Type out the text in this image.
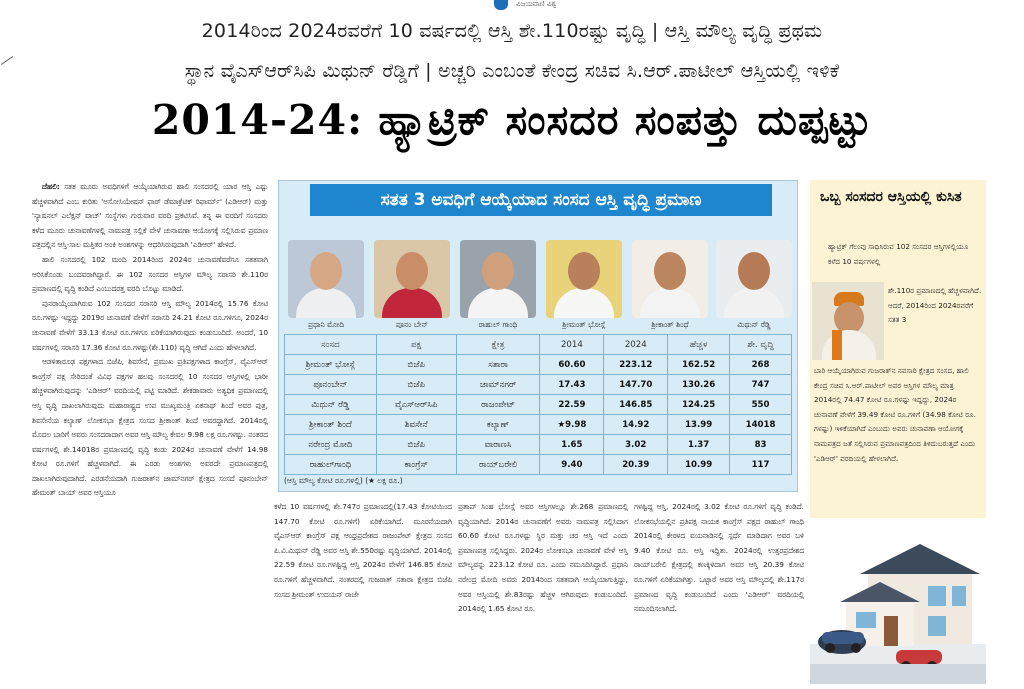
ವಿಜಯವಾಣಿ ವಿಶ್ವ
2014ರಿಂದ 2024ರವರೆಗೆ 10 ವರ್ಷದಲ್ಲಿ ಆಸ್ತಿ ಶೇ.110ರಷ್ಟು ವೃದ್ಧಿ | ಆಸ್ತಿ ಮೌಲ್ಯ ವೃದ್ಧಿ ಪ್ರಥಮ
ಸ್ಥಾನ ವೈಎಸ್‌ಆರ್‌ಸಿಪಿ ಮಿಥುನ್ ರೆಡ್ಡಿಗೆ | ಅಚ್ಚರಿ ಎಂಬಂತೆ ಕೇಂದ್ರ ಸಚಿವ ಸಿ.ಆರ್.ಪಾಟೀಲ್ ಆಸ್ತಿಯಲ್ಲಿ ಇಳಿಕೆ
2014-24: ಹ್ಯಾಟ್ರಿಕ್ ಸಂಸದರ ಸಂಪತ್ತು ದುಪ್ಪಟ್ಟು

ದೆಹಲಿ: ಸತತ ಮೂರು ಅವಧಿಗಳಿಗೆ ಆಯ್ಕೆಯಾಗಿರುವ ಹಾಲಿ ಸಂಸದರಲ್ಲಿ ಯಾರ ಆಸ್ತಿ ಎಷ್ಟು ಹೆಚ್ಚಳವಾಗಿದೆ ಎಂಬ ಕುರಿತು 'ಅಸೋಸಿಯೇಷನ್ ಫಾರ್ ಡೆಮಾಕ್ರೆಟಿಕ್ ರಿಫಾರ್ಮ್' (ಎಡಿಆರ್) ಮತ್ತು 'ನ್ಯಾಷನಲ್ ಎಲೆಕ್ಷನ್ ವಾಚ್' ಸಂಸ್ಥೆಗಳು ಗುರುವಾರ ವರದಿ ಪ್ರಕಟಿಸಿವೆ. ತನ್ನ ಈ ವರದಿಗೆ ಸಂಸದರು ಕಳೆದ ಮೂರು ಚುನಾವಣೆಗಳಲ್ಲಿ ನಾಮಪತ್ರ ಸಲ್ಲಿಕೆ ವೇಳೆ ಚುನಾವಣಾ ಆಯೋಗಕ್ಕೆ ಸಲ್ಲಿಸಿರುವ ಪ್ರಮಾಣ ಪತ್ರದಲ್ಲಿನ ಆಸ್ತಿ-ಸಾಲ ಮತ್ತಿತರ ಅಂಕಿ ಅಂಶಗಳನ್ನು ಆಧರಿಸಿರುವುದಾಗಿ 'ಎಡಿಆರ್' ಹೇಳಿದೆ.

ಹಾಲಿ ಸಂಸದರಲ್ಲಿ 102 ಮಂದಿ 2014ರಿಂದ 2024ರ ಚುನಾವಣೆವರೆಗೂ ಸತತವಾಗಿ ಆರಿಸಿಕೊಂಡು ಬಂದವರಾಗಿದ್ದಾರೆ. ಈ 102 ಸಂಸದರ ಆಸ್ತಿಗಳ ಮೌಲ್ಯ ಸರಾಸರಿ ಶೇ.110ರ ಪ್ರಮಾಣದಲ್ಲಿ ವೃದ್ಧಿ ಕಂಡಿದೆ ಎಂಬುದರತ್ತ ವರದಿ ಬೊಟ್ಟು ಮಾಡಿದೆ.

ಪುನರಾಯ್ಕೆಯಾಗಿರುವ 102 ಸಂಸದರ ಸರಾಸರಿ ಆಸ್ತಿ ಮೌಲ್ಯ 2014ರಲ್ಲಿ 15.76 ಕೋಟಿ ರೂ.ಗಳಷ್ಟು ಇದ್ದದ್ದು 2019ರ ಚುನಾವಣೆ ವೇಳೆಗೆ ಸರಾಸರಿ 24.21 ಕೋಟಿ ರೂ.ಗಳಿಗೂ, 2024ರ ಚುನಾವಣೆ ವೇಳೆಗೆ 33.13 ಕೋಟಿ ರೂ.ಗಳಿಗೂ ಏರಿಕೆಯಾಗಿರುವುದು ಕಂಡುಬಂದಿದೆ. ಅಂದರೆ, 10 ವರ್ಷಗಳಲ್ಲಿ ಸರಾಸರಿ 17.36 ಕೋಟಿ ರೂ.ಗಳಷ್ಟು(ಶೇ.110) ವೃದ್ಧಿ ಆಗಿದೆ ಎಂದು ಹೇಳಲಾಗಿದೆ.

ಆಡಳಿತಾರೂಢ ಪಕ್ಷಗಳಾದ ಬಿಜೆಪಿ, ಶಿವಸೇನೆ, ಪ್ರಮುಖ ಪ್ರತಿಪಕ್ಷಗಳಾದ ಕಾಂಗ್ರೆಸ್, ವೈಎಸ್‌ಆರ್ ಕಾಂಗ್ರೆಸ್ ಪಕ್ಷ ಸೇರಿದಂತೆ ವಿವಿಧ ಪಕ್ಷಗಳ ಹಲವು ಸಂಸದರಲ್ಲಿ 10 ಸಂಸದರ ಆಸ್ತಿಗಳಲ್ಲಿ ಭಾರೀ ಹೆಚ್ಚಳವಾಗಿರುವುದನ್ನು 'ಎಡಿಆರ್' ವರದಿಯಲ್ಲಿ ಪಟ್ಟಿ ಮಾಡಿದೆ. ಶೇಕಡಾವಾರು ಅತ್ಯಧಿಕ ಪ್ರಮಾಣದಲ್ಲಿ ಆಸ್ತಿ ವೃದ್ಧಿ ದಾಖಲಾಗಿರುವುದು ಮಹಾರಾಷ್ಟ್ರದ ಉಪ ಮುಖ್ಯಮಂತ್ರಿ ಏಕನಾಥ್ ಶಿಂದೆ ಅವರ ಪುತ್ರ, ಶಿವಸೇನೆಯ ಕಲ್ಯಾಣ್ ಲೋಕಸಭಾ ಕ್ಷೇತ್ರದ ಸಂಸದ ಶ್ರೀಕಾಂತ್ ಶಿಂದೆ ಅವರದ್ದಾಗಿದೆ. 2014ರಲ್ಲಿ ಮೊದಲ ಬಾರಿಗೆ ಅವರು ಸಂಸದರಾದಾಗ ಅವರ ಆಸ್ತಿ ಮೌಲ್ಯ ಕೇವಲ 9.98 ಲಕ್ಷ ರೂ.ಗಳಷ್ಟು. ನಂತರದ ವರ್ಷಗಳಲ್ಲಿ ಶೇ.14018ರ ಪ್ರಮಾಣದಲ್ಲಿ ವೃದ್ಧಿ ಕಂಡು 2024ರ ಚುನಾವಣೆ ವೇಳೆಗೆ 14.98 ಕೋಟಿ ರೂ.ಗಳಿಗೆ ಹೆಚ್ಚಳವಾಗಿದೆ. ಈ ಎರಡು ಅಂಶಗಳು ಅವರದೇ ಪ್ರಮಾಣಪತ್ರದಲ್ಲಿ ದಾಖಲಾಗಿರುವುದಾಗಿದೆ. ಎರಡನೆಯದಾಗಿ ಗುಜರಾತ್‌ನ ಜಾಮ್‌ನಗರ್ ಕ್ಷೇತ್ರದ ಸಂಸದೆ ಪೂನಂಬೇನ್ ಹೇಮಂತ್ ಬಾಯ್ ಅವರ ಆಸ್ತಿಯೂ

ಸತತ 3 ಅವಧಿಗೆ ಆಯ್ಕೆಯಾದ ಸಂಸದ ಆಸ್ತಿ ವೃದ್ಧಿ ಪ್ರಮಾಣ
ಪ್ರಧಾನಿ ಮೋದಿ	ಪೂನಂ ಬೇನ್	ರಾಹುಲ್ ಗಾಂಧಿ	ಶ್ರೀಮಂತ್ ಭೋಸ್ಲೆ	ಶ್ರೀಕಾಂತ್ ಶಿಂಧೆ	ಮಿಥುನ್ ರೆಡ್ಡಿ
ಸಂಸದ	ಪಕ್ಷ	ಕ್ಷೇತ್ರ	2014	2024	ಹೆಚ್ಚಳ	ಶೇ. ವೃದ್ಧಿ
ಶ್ರೀಮಂತ್ ಭೋಸ್ಲೆ	ಬಿಜೆಪಿ	ಸತಾರಾ	60.60	223.12	162.52	268
ಪೂನಂಬೇನ್	ಬಿಜೆಪಿ	ಜಾಮ್‌ನಗರ್	17.43	147.70	130.26	747
ಮಿಥುನ್ ರೆಡ್ಡಿ	ವೈಎಸ್‌ಆರ್‌ಸಿಪಿ	ರಾಜಂಪೇಟ್	22.59	146.85	124.25	550
ಶ್ರೀಕಾಂತ್ ಶಿಂದೆ	ಶಿವಸೇನೆ	ಕಲ್ಯಾಣ್	★9.98	14.92	13.99	14018
ನರೇಂದ್ರ ಮೋದಿ	ಬಿಜೆಪಿ	ವಾರಾಣಸಿ	1.65	3.02	1.37	83
ರಾಹುಲ್‌ಗಾಂಧಿ	ಕಾಂಗ್ರೆಸ್	ರಾಯ್‌ಬರೇಲಿ	9.40	20.39	10.99	117
(ಆಸ್ತಿ ಮೌಲ್ಯ ಕೋಟಿ ರೂ.ಗಳಲ್ಲಿ) (★ ಲಕ್ಷ ರೂ.)
ಕಳೆದ 10 ವರ್ಷಗಳಲ್ಲಿ ಶೇ.747ರ ಪ್ರಮಾಣದಲ್ಲಿ(17.43 ಕೋಟಿಯಿಂದ 147.70 ಕೋಟಿ ರೂ.ಗಳಿಗೆ) ಏರಿಕೆಯಾಗಿದೆ. ಮೂರನೆಯದಾಗಿ ವೈಎಸ್‌ಆರ್ ಕಾಂಗ್ರೆಸ್ ಪಕ್ಷ ಆಂಧ್ರಪ್ರದೇಶದ ರಾಜಂಪೇಟ್ ಕ್ಷೇತ್ರದ ಸಂಸದ ಪಿ.ವಿ.ಮಿಥುನ್ ರೆಡ್ಡಿ ಅವರ ಆಸ್ತಿ ಶೇ.550ರಷ್ಟು ವೃದ್ಧಿಯಾಗಿದೆ. 2014ರಲ್ಲಿ 22.59 ಕೋಟಿ ರೂ.ಗಳಷ್ಟಿದ್ದ ಆಸ್ತಿ 2024ರ ವೇಳೆಗೆ 146.85 ಕೋಟಿ ರೂ.ಗಳಿಗೆ ಹೆಚ್ಚಳವಾಗಿದೆ. ನಂತರದಲ್ಲಿ ಗುಜರಾತ್ ಸತಾರಾ ಕ್ಷೇತ್ರದ ಬಿಜೆಪಿ ಸಂಸದ ಶ್ರೀಮಂತ್ ಉದಯನ್‌ ರಾಜೇ
ಪ್ರತಾಪ್ ಸಿಂಹ ಭೋಸ್ಲೆ ಅವರ ಆಸ್ತಿಗಳಲ್ಲೂ ಶೇ.268 ಪ್ರಮಾಣದಲ್ಲಿ ವೃದ್ಧಿಯಾಗಿದೆ. 2014ರ ಚುನಾವಣೆಗೆ ಅವರು ನಾಮಪತ್ರ ಸಲ್ಲಿಸಿದಾಗ 60.60 ಕೋಟಿ ರೂ.ಗಳಷ್ಟು ಸ್ಥಿರ ಮತ್ತು ಚರ ಆಸ್ತಿ ಇದೆ ಎಂದು ಪ್ರಮಾಣಪತ್ರ ಸಲ್ಲಿಸಿದ್ದರು. 2024ರ ಲೋಕಸಭಾ ಚುನಾವಣೆ ವೇಳೆ ಆಸ್ತಿ ಮೌಲ್ಯವನ್ನು 223.12 ಕೋಟಿ ರೂ. ಎಂದು ನಮೂದಿಸಿದ್ದಾರೆ. ಪ್ರಧಾನಿ ನರೇಂದ್ರ ಮೋದಿ ಅವರು 2014ರಿಂದ ಸತತವಾಗಿ ಆಯ್ಕೆಯಾಗುತ್ತಿದ್ದು, ಅವರ ಆಸ್ತಿಯಲ್ಲಿ ಶೇ.83ರಷ್ಟು ಹೆಚ್ಚಳ ಆಗಿರುವುದು ಕಂಡುಬಂದಿದೆ. 2014ರಲ್ಲಿ 1.65 ಕೋಟಿ ರೂ.
ಗಳಷ್ಟಿದ್ದ ಆಸ್ತಿ, 2024ರಲ್ಲಿ 3.02 ಕೋಟಿ ರೂ.ಗಳಿಗೆ ವೃದ್ಧಿ ಕಂಡಿದೆ. ಲೋಕಸಭೆಯಲ್ಲಿನ ಪ್ರತಿಪಕ್ಷ ನಾಯಕ ಕಾಂಗ್ರೆಸ್ ಪಕ್ಷದ ರಾಹುಲ್ ಗಾಂಧಿ 2014ರಲ್ಲಿ ಕೇರಳದ ವಯನಾಡಿನಲ್ಲಿ ಸ್ಪರ್ಧೆ ಮಾಡಿದಾಗ ಅವರ ಬಳಿ 9.40 ಕೋಟಿ ರೂ. ಆಸ್ತಿ ಇದ್ದಿತು. 2024ರಲ್ಲಿ ಉತ್ತರಪ್ರದೇಶದ ರಾಯ್‌ಬರೇಲಿ ಕ್ಷೇತ್ರದಲ್ಲಿ ಕಣಕ್ಕಿಳಿದಾಗ ಅವರ ಆಸ್ತಿ 20.39 ಕೋಟಿ ರೂ.ಗಳಿಗೆ ಏರಿಕೆಯಾಗಿತ್ತು. ಒಟ್ಟಾರೆ ಅವರ ಆಸ್ತಿ ಮೌಲ್ಯದಲ್ಲಿ ಶೇ.117ರ ಪ್ರಮಾಣದ ವೃದ್ಧಿ ಕಂಡುಬಂದಿದೆ ಎಂದು 'ಎಡಿಆರ್' ವರದಿಯಲ್ಲಿ ನಮೂದಿಸಲಾಗಿದೆ.
ಒಬ್ಬ ಸಂಸದರ ಆಸ್ತಿಯಲ್ಲಿ ಕುಸಿತ
ಹ್ಯಾಟ್ರಿಕ್ ಗೆಲುವು ಸಾಧಿಸಿರುವ 102 ಸಂಸದರ ಆಸ್ತಿಗಳಲ್ಲಿಯೂ ಕಳೆದ 10 ವರ್ಷಗಳಲ್ಲಿ
ಶೇ.110ರ ಪ್ರಮಾಣದಲ್ಲಿ ಹೆಚ್ಚಳವಾಗಿದೆ. ಆದರೆ, 2014ರಿಂದ 2024ರವರೆಗೆ ಸತತ 3
ಬಾರಿ ಆಯ್ಕೆಯಾಗಿರುವ ಗುಜರಾತ್‌ನ ನವಸಾರಿ ಕ್ಷೇತ್ರದ ಸಂಸದ, ಹಾಲಿ ಕೇಂದ್ರ ಸಚಿವ ಸಿ.ಆರ್.ಪಾಟೀಲ್ ಅವರ ಆಸ್ತಿಗಳ ಮೌಲ್ಯ ಮಾತ್ರ 2014ರಲ್ಲಿ 74.47 ಕೋಟಿ ರೂ.ಗಳಷ್ಟು ಇದ್ದದ್ದು, 2024ರ ಚುನಾವಣೆ ವೇಳೆಗೆ 39.49 ಕೋಟಿ ರೂ.ಗಳಿಗೆ (34.98 ಕೋಟಿ ರೂ. ಗಳಷ್ಟು) ಇಳಿಕೆಯಾಗಿದೆ ಎಂಬುದು ಅವರು ಚುನಾವಣಾ ಆಯೋಗಕ್ಕೆ ನಾಮಪತ್ರದ ಜತೆ ಸಲ್ಲಿಸಿರುವ ಪ್ರಮಾಣಪತ್ರದಿಂದ ತಿಳಿದುಬರುತ್ತದೆ ಎಂದು 'ಎಡಿಆರ್' ವರದಿಯಲ್ಲಿ ಹೇಳಲಾಗಿದೆ.
